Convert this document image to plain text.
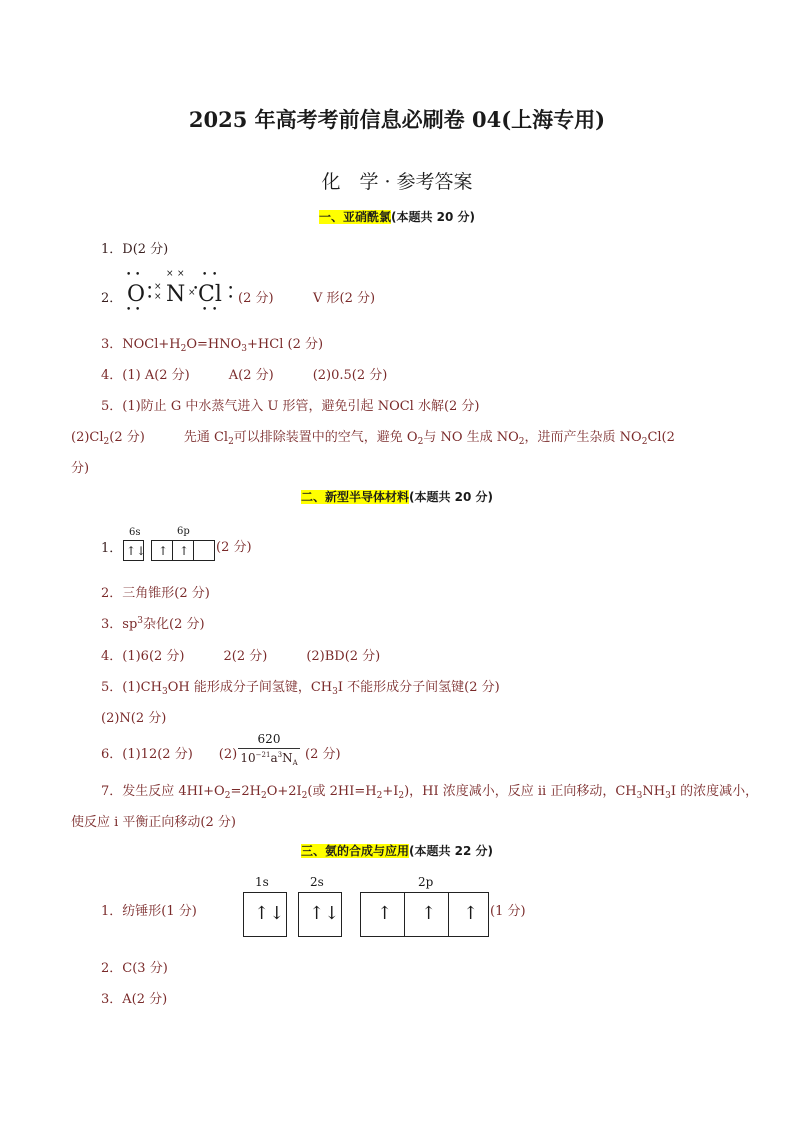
2025 年高考考前信息必刷卷 04(上海专用)
化　学 · 参考答案
一、亚硝酰氯(本题共 20 分)
1．D(2 分)
2． O
• •
• •
•
•
×
× N
× ×
×
• Cl
• •
• •
•
• (2 分)	V 形(2 分)
3．$NOCl+H_2O=HNO_3+HCl$ (2 分)
4．(1) A(2 分)　　　A(2 分)　　　(2)0.5(2 分)
5．(1)防止 G 中水蒸气进入 U 形管，避免引起 NOCl 水解(2 分)
$(2)Cl_2(2$ 分)　　　先通 $Cl_2$可以排除装置中的空气，避免 $O_2$与 NO 生成 $NO_2$，进而产生杂质 $NO_2Cl(2$
分)
二、新型半导体材料(本题共 20 分)
1．
6s	6p
↑↓ ↑ ↑ (2 分)
2．三角锥形(2 分)
3．$sp^3$杂化(2 分)
4．(1)6(2 分)　　　2(2 分)　　　(2)BD(2 分)
5．$(1)CH_3OH$ 能形成分子间氢键，$CH_3I$ 不能形成分子间氢键(2 分)
(2)N(2 分)
6．(1)12(2 分)　　(2)
620
$10^{-21}a^3N_A$
(2 分)
7．发生反应 $4HI+O_2=2H_2O+2I_2$(或 $2HI=H_2+I_2$)，HI 浓度减小，反应 ii 正向移动，$CH_3NH_3I$ 的浓度减小，
使反应 i 平衡正向移动(2 分)
三、氨的合成与应用(本题共 22 分)
1．纺锤形(1 分)
1s	2s	2p
↑↓ ↑↓ ↑ ↑ ↑ (1 分)
2．C(3 分)
3．A(2 分)
